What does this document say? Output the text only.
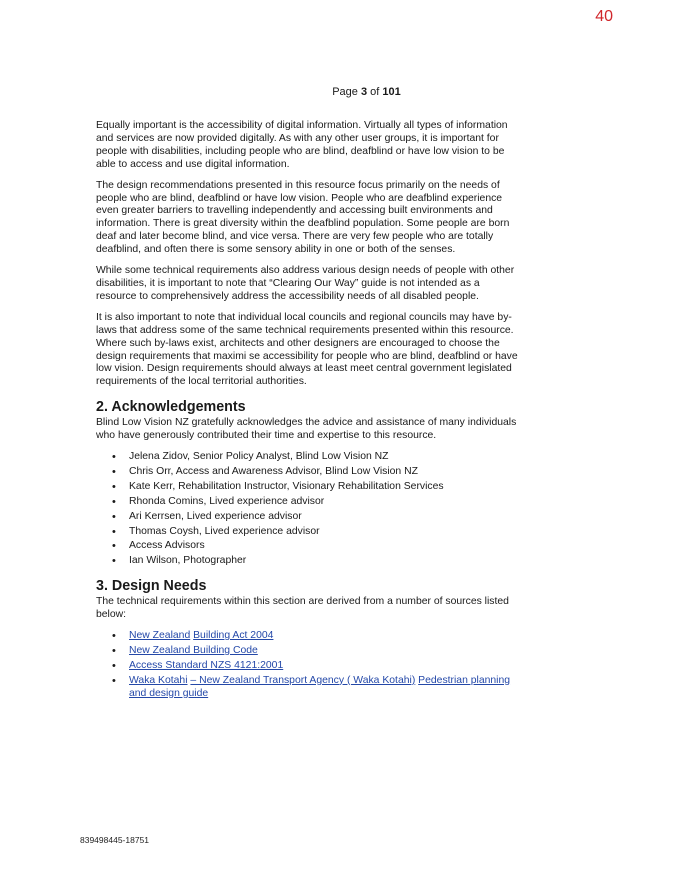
40
Page 3 of 101

Equally important is the accessibility of digital information. Virtually all types of information and services are now provided digitally. As with any other user groups, it is important for people with disabilities, including people who are blind, deafblind or have low vision to be able to access and use digital information.

The design recommendations presented in this resource focus primarily on the needs of people who are blind, deafblind or have low vision. People who are deafblind experience even greater barriers to travelling independently and accessing built environments and information. There is great diversity within the deafblind population. Some people are born deaf and later become blind, and vice versa. There are very few people who are totally deafblind, and often there is some sensory ability in one or both of the senses.

While some technical requirements also address various design needs of people with other disabilities, it is important to note that “Clearing Our Way” guide is not intended as a resource to comprehensively address the accessibility needs of all disabled people.

It is also important to note that individual local councils and regional councils may have by-laws that address some of the same technical requirements presented within this resource. Where such by-laws exist, architects and other designers are encouraged to choose the design requirements that maximi se accessibility for people who are blind, deafblind or have low vision. Design requirements should always at least meet central government legislated requirements of the local territorial authorities.

2. Acknowledgements

Blind Low Vision NZ gratefully acknowledges the advice and assistance of many individuals who have generously contributed their time and expertise to this resource.

• Jelena Zidov, Senior Policy Analyst, Blind Low Vision NZ
• Chris Orr, Access and Awareness Advisor, Blind Low Vision NZ
• Kate Kerr, Rehabilitation Instructor, Visionary Rehabilitation Services
• Rhonda Comins, Lived experience advisor
• Ari Kerrsen, Lived experience advisor
• Thomas Coysh, Lived experience advisor
• Access Advisors
• Ian Wilson, Photographer
3. Design Needs

The technical requirements within this section are derived from a number of sources listed below:

• New Zealand Building Act 2004
• New Zealand Building Code
• Access Standard NZS 4121:2001
• Waka Kotahi – New Zealand Transport Agency ( Waka Kotahi) Pedestrian planning and design guide
839498445-18751
